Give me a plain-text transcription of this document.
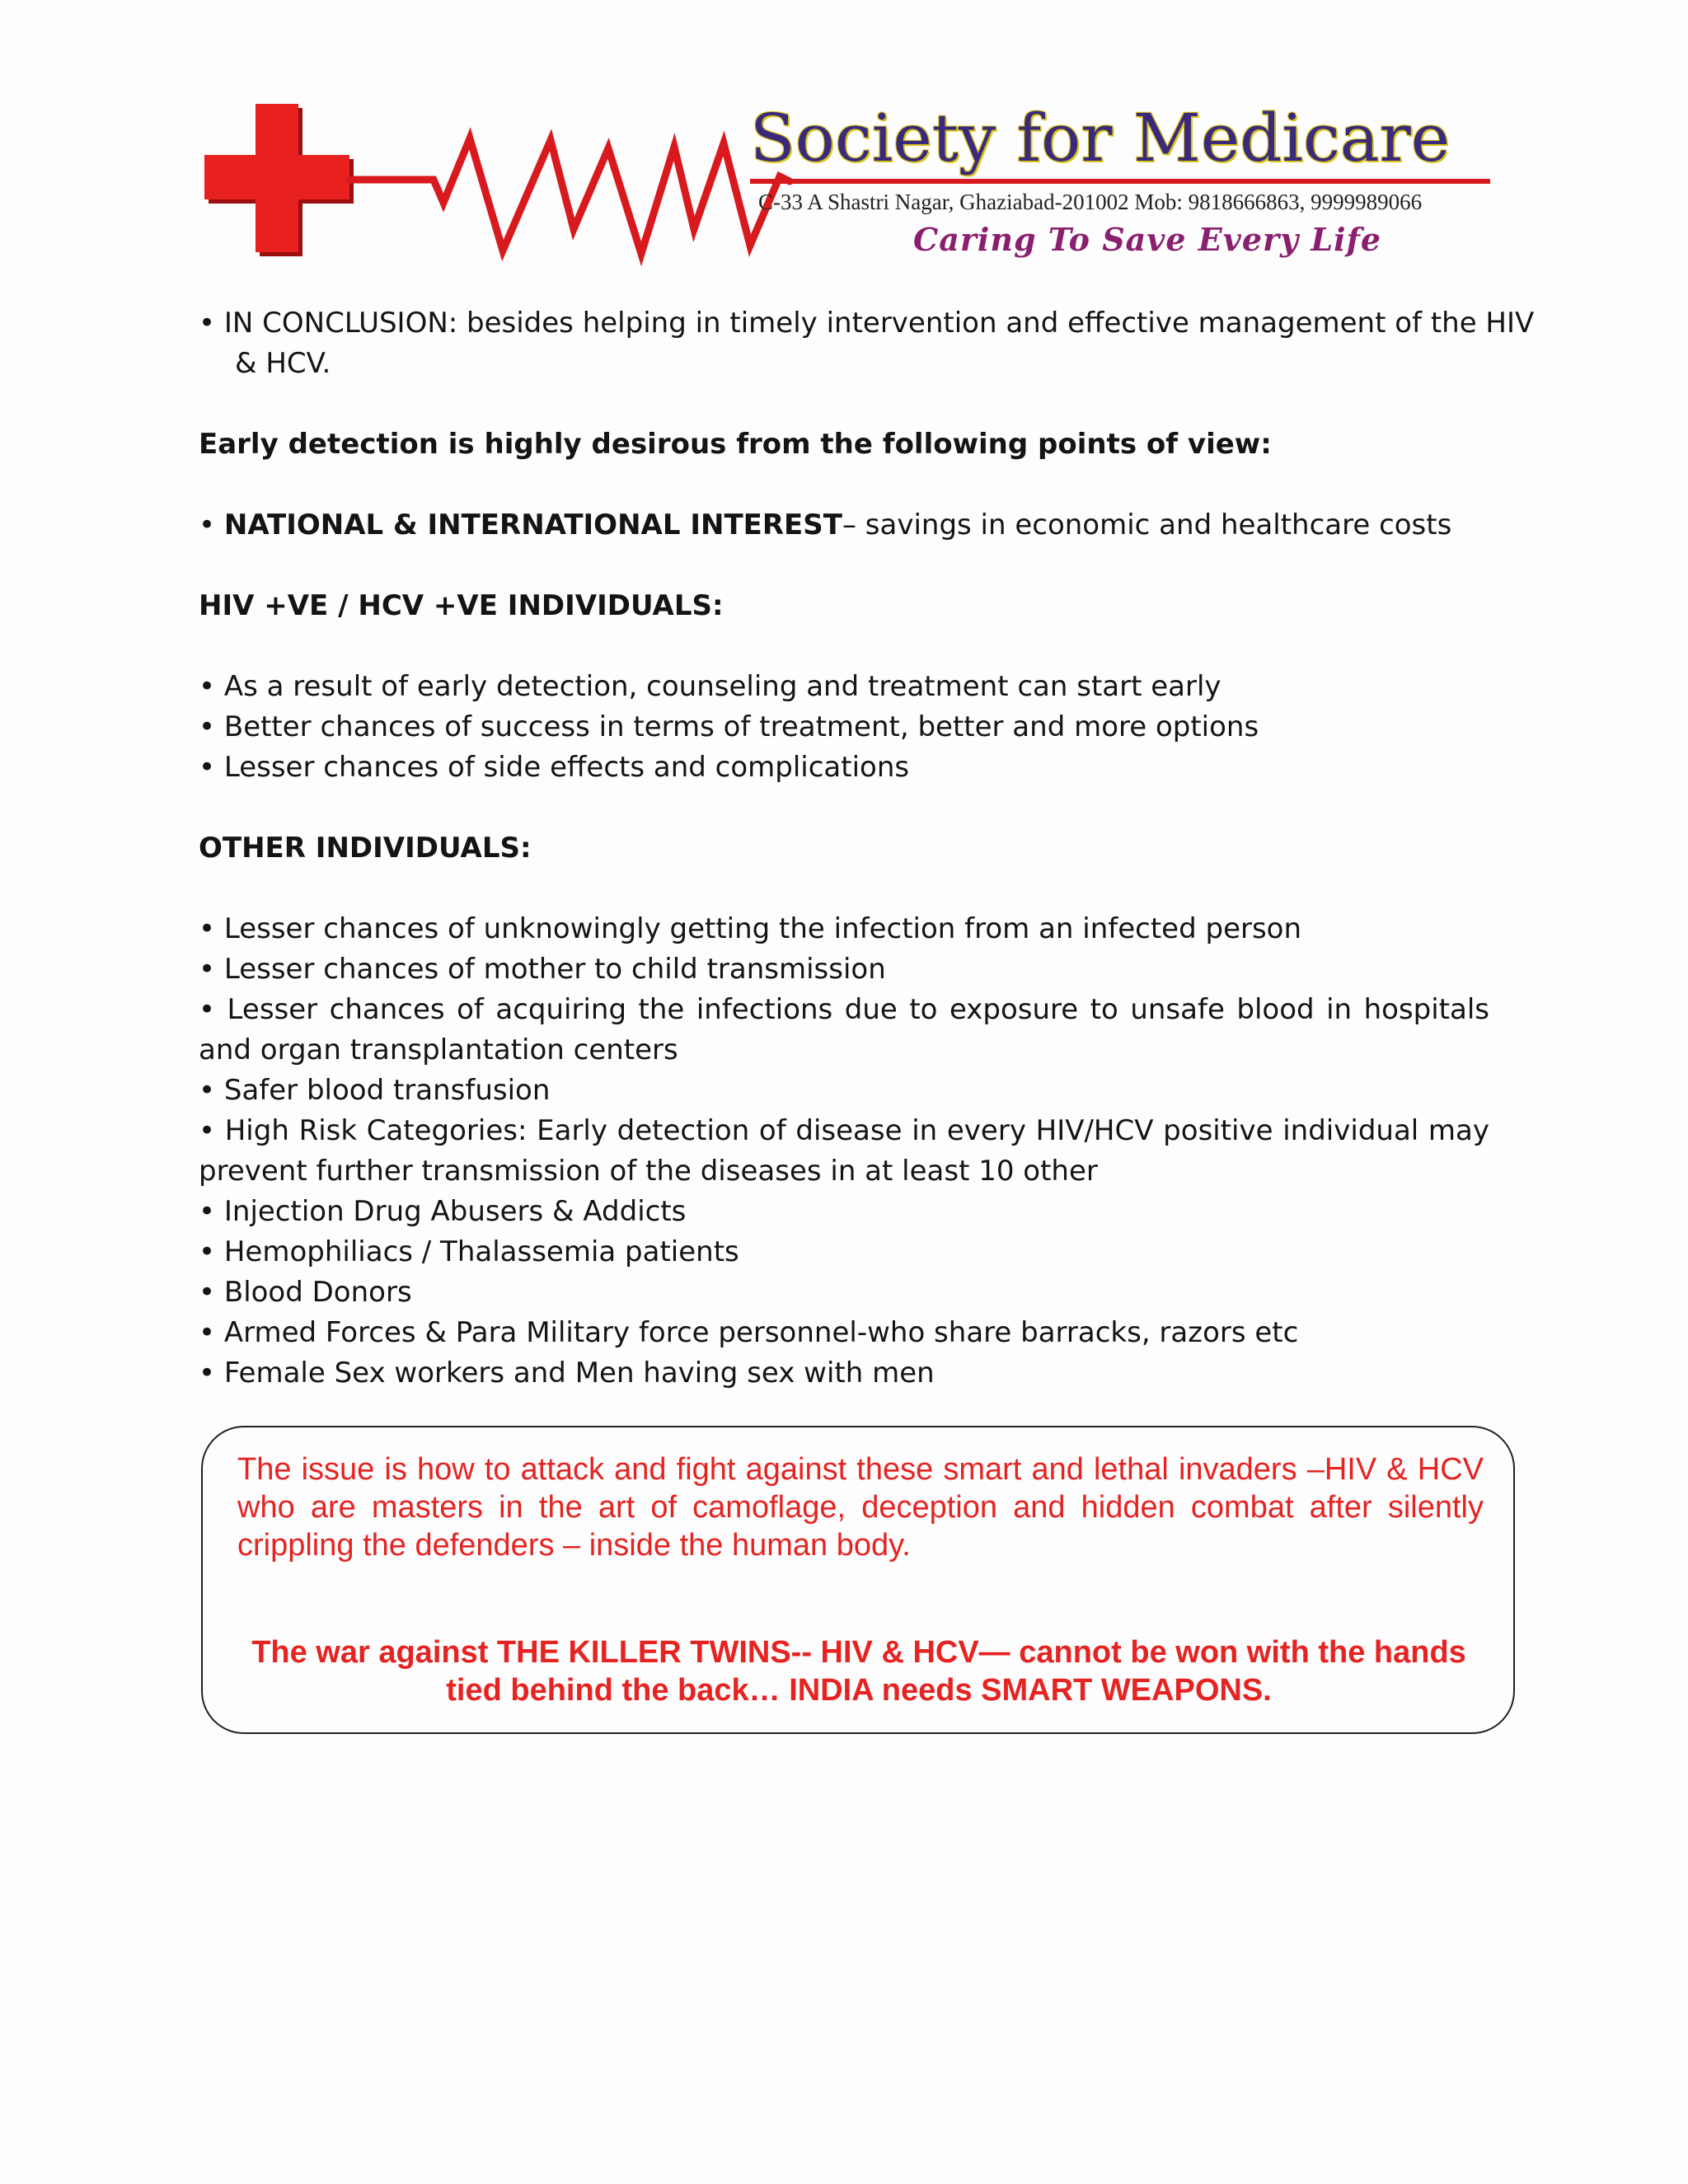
Society for Medicare
C-33 A Shastri Nagar, Ghaziabad-201002 Mob: 9818666863, 9999989066
Caring To Save Every Life

• IN CONCLUSION: besides helping in timely intervention and effective management of the HIV

& HCV.

Early detection is highly desirous from the following points of view:

• NATIONAL & INTERNATIONAL INTEREST– savings in economic and healthcare costs

HIV +VE / HCV +VE INDIVIDUALS:

• As a result of early detection, counseling and treatment can start early

• Better chances of success in terms of treatment, better and more options

• Lesser chances of side effects and complications

OTHER INDIVIDUALS:

• Lesser chances of unknowingly getting the infection from an infected person

• Lesser chances of mother to child transmission

• Lesser chances of acquiring the infections due to exposure to unsafe blood in hospitals and organ transplantation centers

• Safer blood transfusion

• High Risk Categories: Early detection of disease in every HIV/HCV positive individual may prevent further transmission of the diseases in at least 10 other

• Injection Drug Abusers & Addicts

• Hemophiliacs / Thalassemia patients

• Blood Donors

• Armed Forces & Para Military force personnel-who share barracks, razors etc

• Female Sex workers and Men having sex with men

The issue is how to attack and fight against these smart and lethal invaders –HIV & HCV who are masters in the art of camoflage, deception and hidden combat after silently crippling the defenders – inside the human body.
The war against THE KILLER TWINS-- HIV & HCV— cannot be won with the hands tied behind the back… INDIA needs SMART WEAPONS.
